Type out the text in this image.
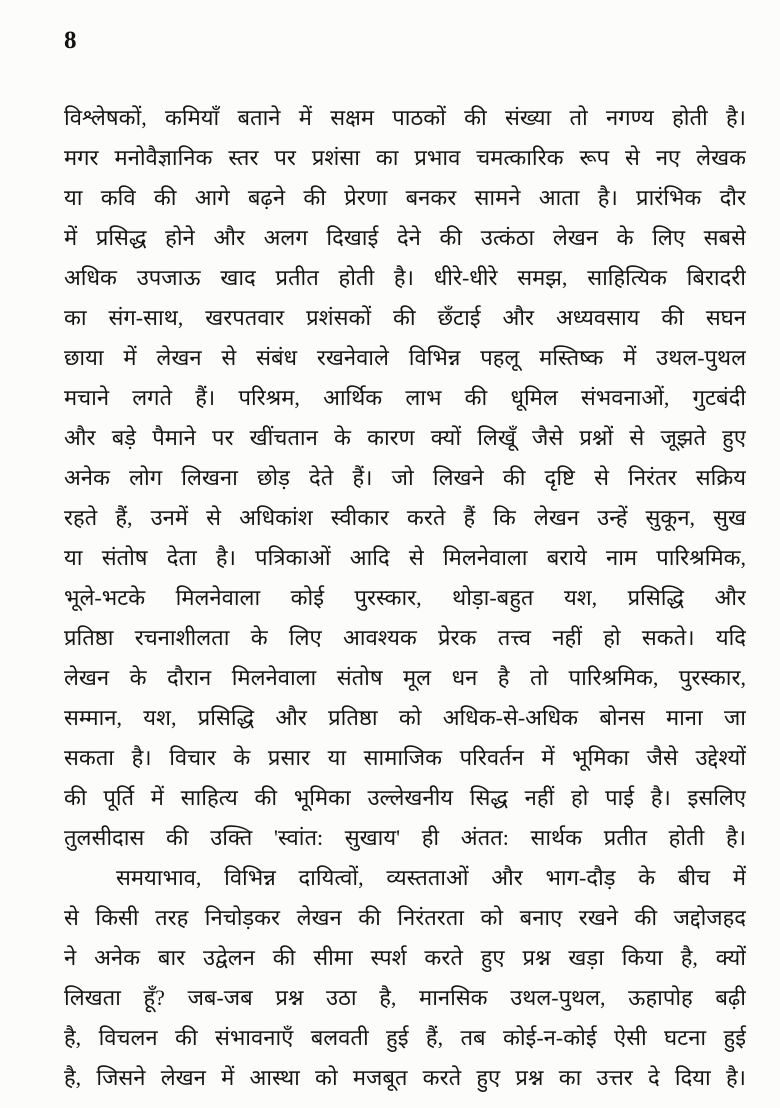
8
विश्लेषकों, कमियाँ बताने में सक्षम पाठकों की संख्या तो नगण्य होती है।
मगर मनोवैज्ञानिक स्तर पर प्रशंसा का प्रभाव चमत्कारिक रूप से नए लेखक
या कवि की आगे बढ़ने की प्रेरणा बनकर सामने आता है। प्रारंभिक दौर
में प्रसिद्ध होने और अलग दिखाई देने की उत्कंठा लेखन के लिए सबसे
अधिक उपजाऊ खाद प्रतीत होती है। धीरे-धीरे समझ, साहित्यिक बिरादरी
का संग-साथ, खरपतवार प्रशंसकों की छँटाई और अध्यवसाय की सघन
छाया में लेखन से संबंध रखनेवाले विभिन्न पहलू मस्तिष्क में उथल-पुथल
मचाने लगते हैं। परिश्रम, आर्थिक लाभ की धूमिल संभवनाओं, गुटबंदी
और बड़े पैमाने पर खींचतान के कारण क्यों लिखूँ जैसे प्रश्नों से जूझते हुए
अनेक लोग लिखना छोड़ देते हैं। जो लिखने की दृष्टि से निरंतर सक्रिय
रहते हैं, उनमें से अधिकांश स्वीकार करते हैं कि लेखन उन्हें सुकून, सुख
या संतोष देता है। पत्रिकाओं आदि से मिलनेवाला बराये नाम पारिश्रमिक,
भूले-भटके मिलनेवाला कोई पुरस्कार, थोड़ा-बहुत यश, प्रसिद्धि और
प्रतिष्ठा रचनाशीलता के लिए आवश्यक प्रेरक तत्त्व नहीं हो सकते। यदि
लेखन के दौरान मिलनेवाला संतोष मूल धन है तो पारिश्रमिक, पुरस्कार,
सम्मान, यश, प्रसिद्धि और प्रतिष्ठा को अधिक-से-अधिक बोनस माना जा
सकता है। विचार के प्रसार या सामाजिक परिवर्तन में भूमिका जैसे उद्देश्यों
की पूर्ति में साहित्य की भूमिका उल्लेखनीय सिद्ध नहीं हो पाई है। इसलिए
तुलसीदास की उक्ति 'स्वांत: सुखाय' ही अंतत: सार्थक प्रतीत होती है।
समयाभाव, विभिन्न दायित्वों, व्यस्तताओं और भाग-दौड़ के बीच में
से किसी तरह निचोड़कर लेखन की निरंतरता को बनाए रखने की जद्दोजहद
ने अनेक बार उद्वेलन की सीमा स्पर्श करते हुए प्रश्न खड़ा किया है, क्यों
लिखता हूँ? जब-जब प्रश्न उठा है, मानसिक उथल-पुथल, ऊहापोह बढ़ी
है, विचलन की संभावनाएँ बलवती हुई हैं, तब कोई-न-कोई ऐसी घटना हुई
है, जिसने लेखन में आस्था को मजबूत करते हुए प्रश्न का उत्तर दे दिया है।
